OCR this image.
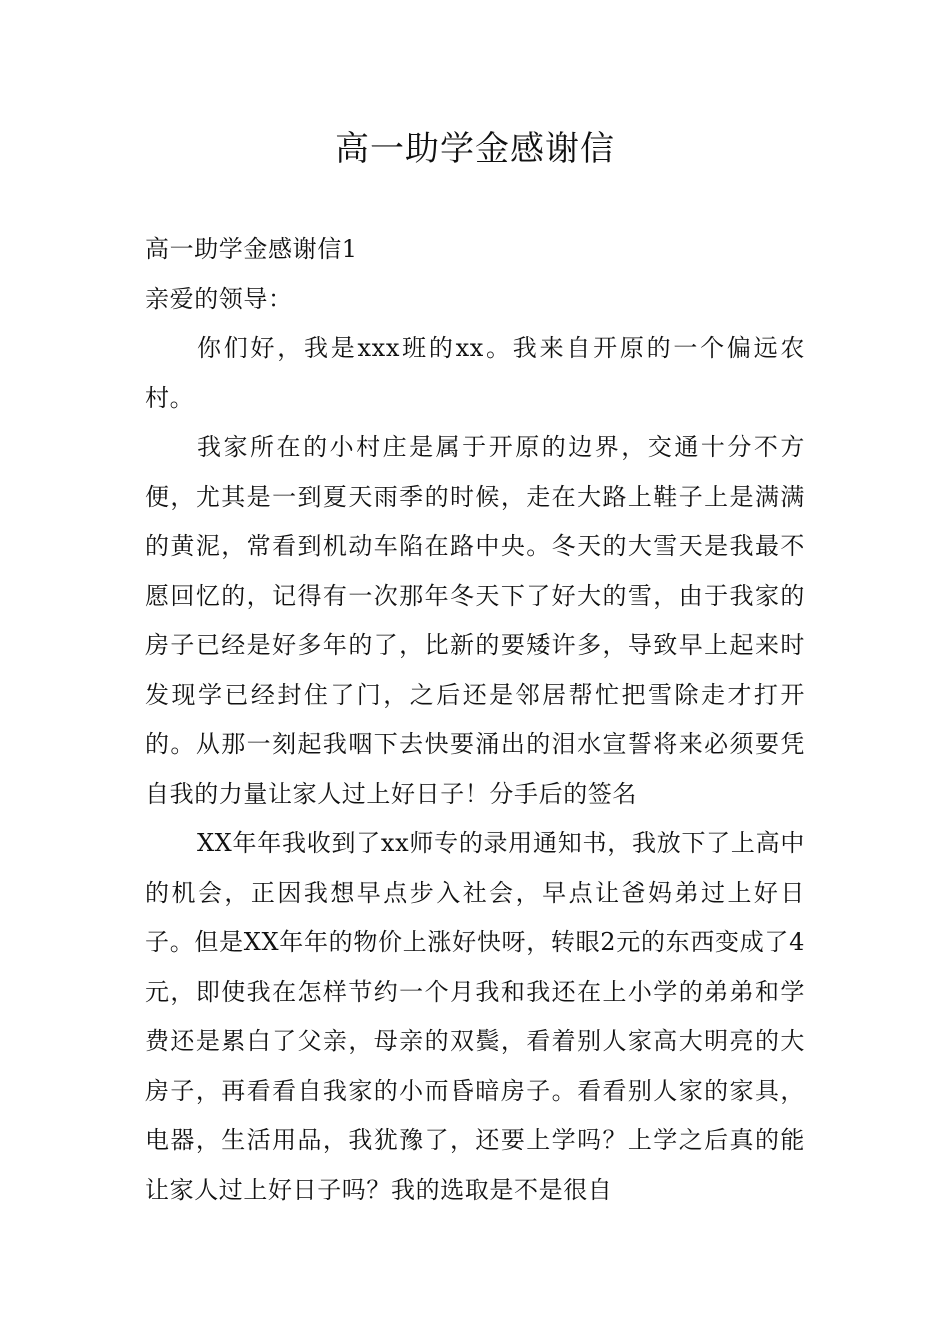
高一助学金感谢信

高一助学金感谢信1

亲爱的领导：

你们好，我是xxx班的xx。我来自开原的一个偏远农村。

我家所在的小村庄是属于开原的边界，交通十分不方便，尤其是一到夏天雨季的时候，走在大路上鞋子上是满满的黄泥，常看到机动车陷在路中央。冬天的大雪天是我最不愿回忆的，记得有一次那年冬天下了好大的雪，由于我家的房子已经是好多年的了，比新的要矮许多，导致早上起来时发现学已经封住了门，之后还是邻居帮忙把雪除走才打开的。从那一刻起我咽下去快要涌出的泪水宣誓将来必须要凭自我的力量让家人过上好日子！分手后的签名

XX年年我收到了xx师专的录用通知书，我放下了上高中的机会，正因我想早点步入社会，早点让爸妈弟过上好日子。但是XX年年的物价上涨好快呀，转眼2元的东西变成了4元，即使我在怎样节约一个月我和我还在上小学的弟弟和学费还是累白了父亲，母亲的双鬓，看着别人家高大明亮的大房子，再看看自我家的小而昏暗房子。看看别人家的家具，电器，生活用品，我犹豫了，还要上学吗？上学之后真的能让家人过上好日子吗？我的选取是不是很自
